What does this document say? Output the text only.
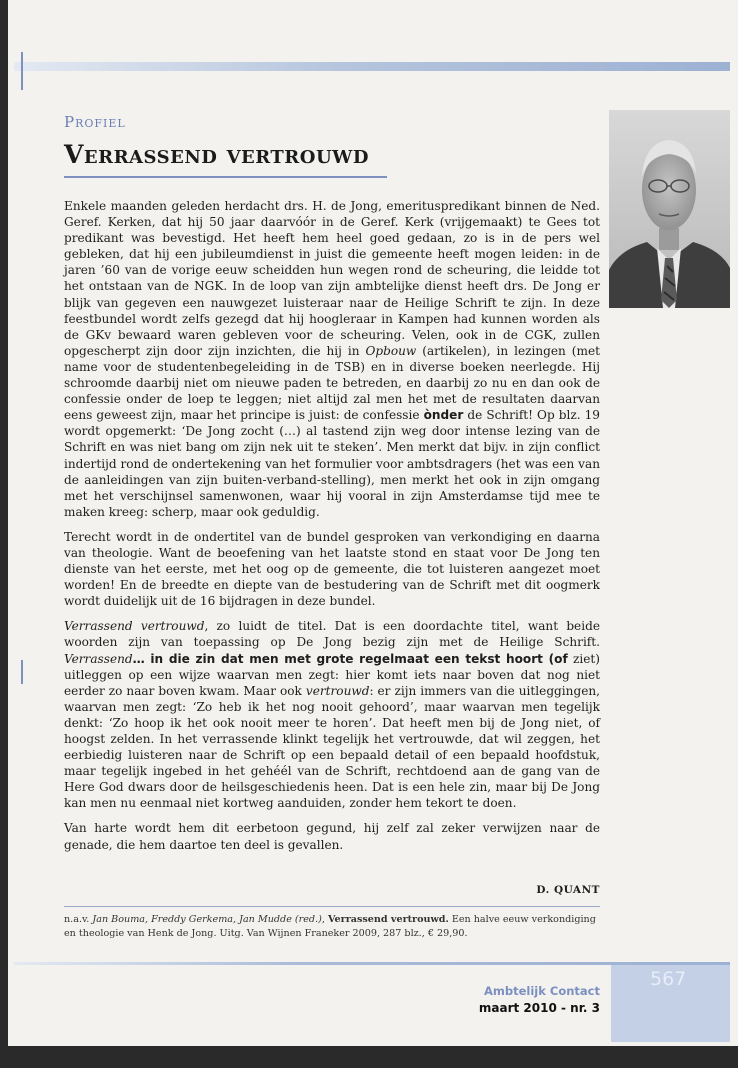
Profiel
Verrassend vertrouwd

Enkele maanden geleden herdacht drs. H. de Jong, emerituspredikant binnen de Ned. Geref. Kerken, dat hij 50 jaar daarvóór in de Geref. Kerk (vrijgemaakt) te Gees tot predikant was bevestigd. Het heeft hem heel goed gedaan, zo is in de pers wel gebleken, dat hij een jubileumdienst in juist die gemeente heeft mogen leiden: in de jaren ’60 van de vorige eeuw scheidden hun wegen rond de scheuring, die leidde tot het ontstaan van de NGK. In de loop van zijn ambtelijke dienst heeft drs. De Jong er blijk van gegeven een nauwgezet luisteraar naar de Heilige Schrift te zijn. In deze feestbundel wordt zelfs gezegd dat hij hoogleraar in Kampen had kunnen worden als de GKv bewaard waren gebleven voor de scheuring. Velen, ook in de CGK, zullen opgescherpt zijn door zijn inzichten, die hij in Opbouw (artikelen), in lezingen (met name voor de studentenbegeleiding in de TSB) en in diverse boeken neerlegde. Hij schroomde daarbij niet om nieuwe paden te betreden, en daarbij zo nu en dan ook de confessie onder de loep te leggen; niet altijd zal men het met de resultaten daarvan eens geweest zijn, maar het principe is juist: de confessie ònder de Schrift! Op blz. 19 wordt opgemerkt: ‘De Jong zocht (…) al tastend zijn weg door intense lezing van de Schrift en was niet bang om zijn nek uit te steken’. Men merkt dat bijv. in zijn conflict indertijd rond de ondertekening van het formulier voor ambtsdragers (het was een van de aanleidingen van zijn buiten-verband-stelling), men merkt het ook in zijn omgang met het verschijnsel samenwonen, waar hij vooral in zijn Amsterdamse tijd mee te maken kreeg: scherp, maar ook geduldig.

Terecht wordt in de ondertitel van de bundel gesproken van verkondiging en daarna van theologie. Want de beoefening van het laatste stond en staat voor De Jong ten dienste van het eerste, met het oog op de gemeente, die tot luisteren aangezet moet worden! En de breedte en diepte van de bestudering van de Schrift met dit oogmerk wordt duidelijk uit de 16 bijdragen in deze bundel.

Verrassend vertrouwd, zo luidt de titel. Dat is een doordachte titel, want beide woorden zijn van toepassing op De Jong bezig zijn met de Heilige Schrift. Verrassend… in die zin dat men met grote regelmaat een tekst hoort (of ziet) uitleggen op een wijze waarvan men zegt: hier komt iets naar boven dat nog niet eerder zo naar boven kwam. Maar ook vertrouwd: er zijn immers van die uitleggingen, waarvan men zegt: ‘Zo heb ik het nog nooit gehoord’, maar waarvan men tegelijk denkt: ‘Zo hoop ik het ook nooit meer te horen’. Dat heeft men bij de Jong niet, of hoogst zelden. In het verrassende klinkt tegelijk het vertrouwde, dat wil zeggen, het eerbiedig luisteren naar de Schrift op een bepaald detail of een bepaald hoofdstuk, maar tegelijk ingebed in het gehéél van de Schrift, rechtdoend aan de gang van de Here God dwars door de heilsgeschiedenis heen. Dat is een hele zin, maar bij De Jong kan men nu eenmaal niet kortweg aanduiden, zonder hem tekort te doen.

Van harte wordt hem dit eerbetoon gegund, hij zelf zal zeker verwijzen naar de genade, die hem daartoe ten deel is gevallen.

D. QUANT
n.a.v. Jan Bouma, Freddy Gerkema, Jan Mudde (red.), Verrassend vertrouwd. Een halve eeuw verkondiging en theologie van Henk de Jong. Uitg. Van Wijnen Franeker 2009, 287 blz., € 29,90.
567
Ambtelijk Contact
maart 2010 - nr. 3
